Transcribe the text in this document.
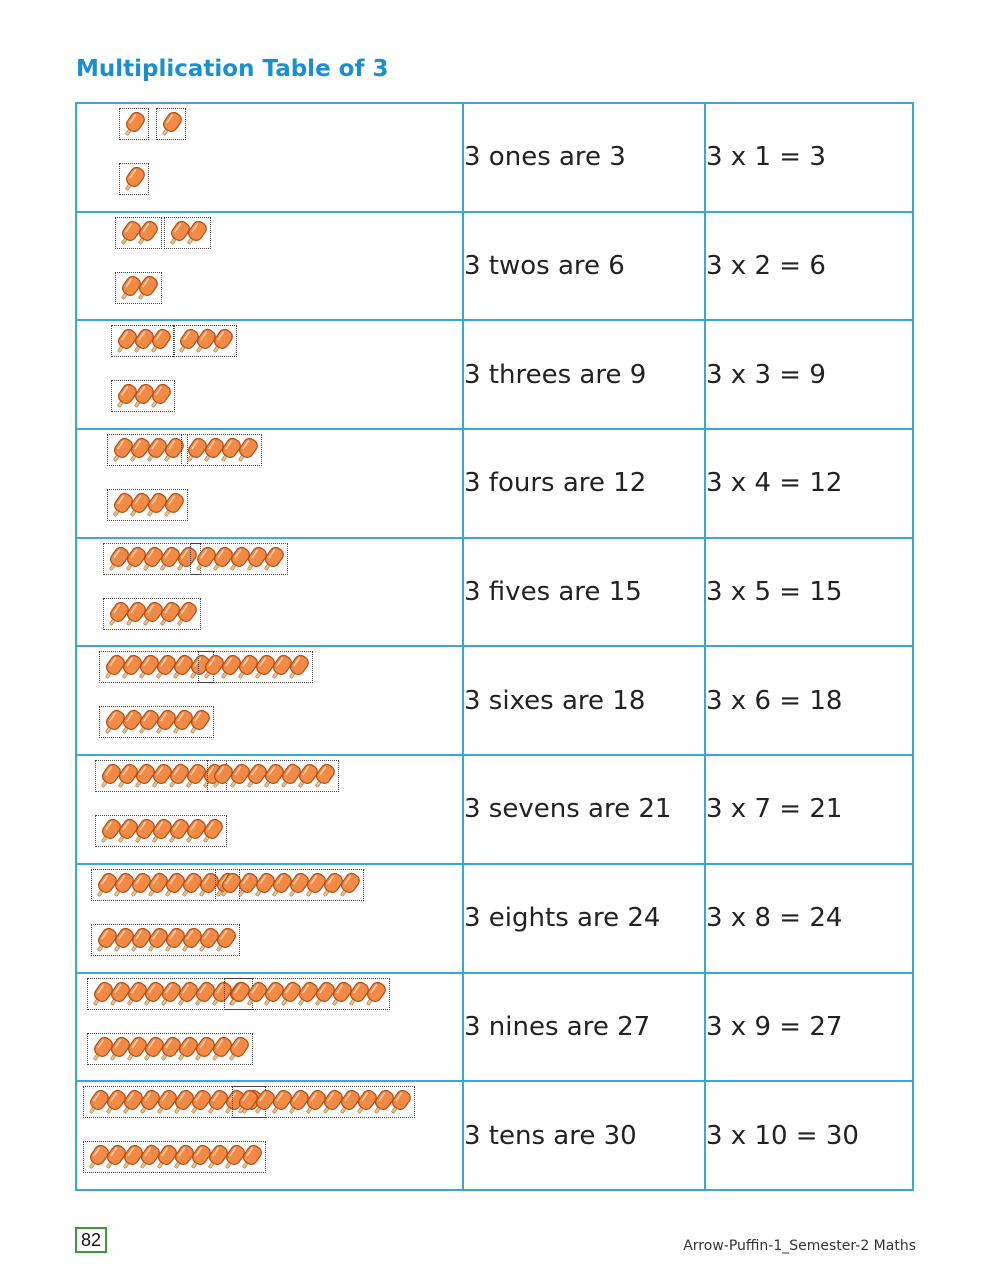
Multiplication Table of 3
	3 ones are 3	3 x 1 = 3

	3 twos are 6	3 x 2 = 6

	3 threes are 9	3 x 3 = 9

	3 fours are 12	3 x 4 = 12

	3 fives are 15	3 x 5 = 15

	3 sixes are 18	3 x 6 = 18

	3 sevens are 21	3 x 7 = 21

	3 eights are 24	3 x 8 = 24

	3 nines are 27	3 x 9 = 27

	3 tens are 30	3 x 10 = 30
82	Arrow-Puffin-1_Semester-2 Maths
